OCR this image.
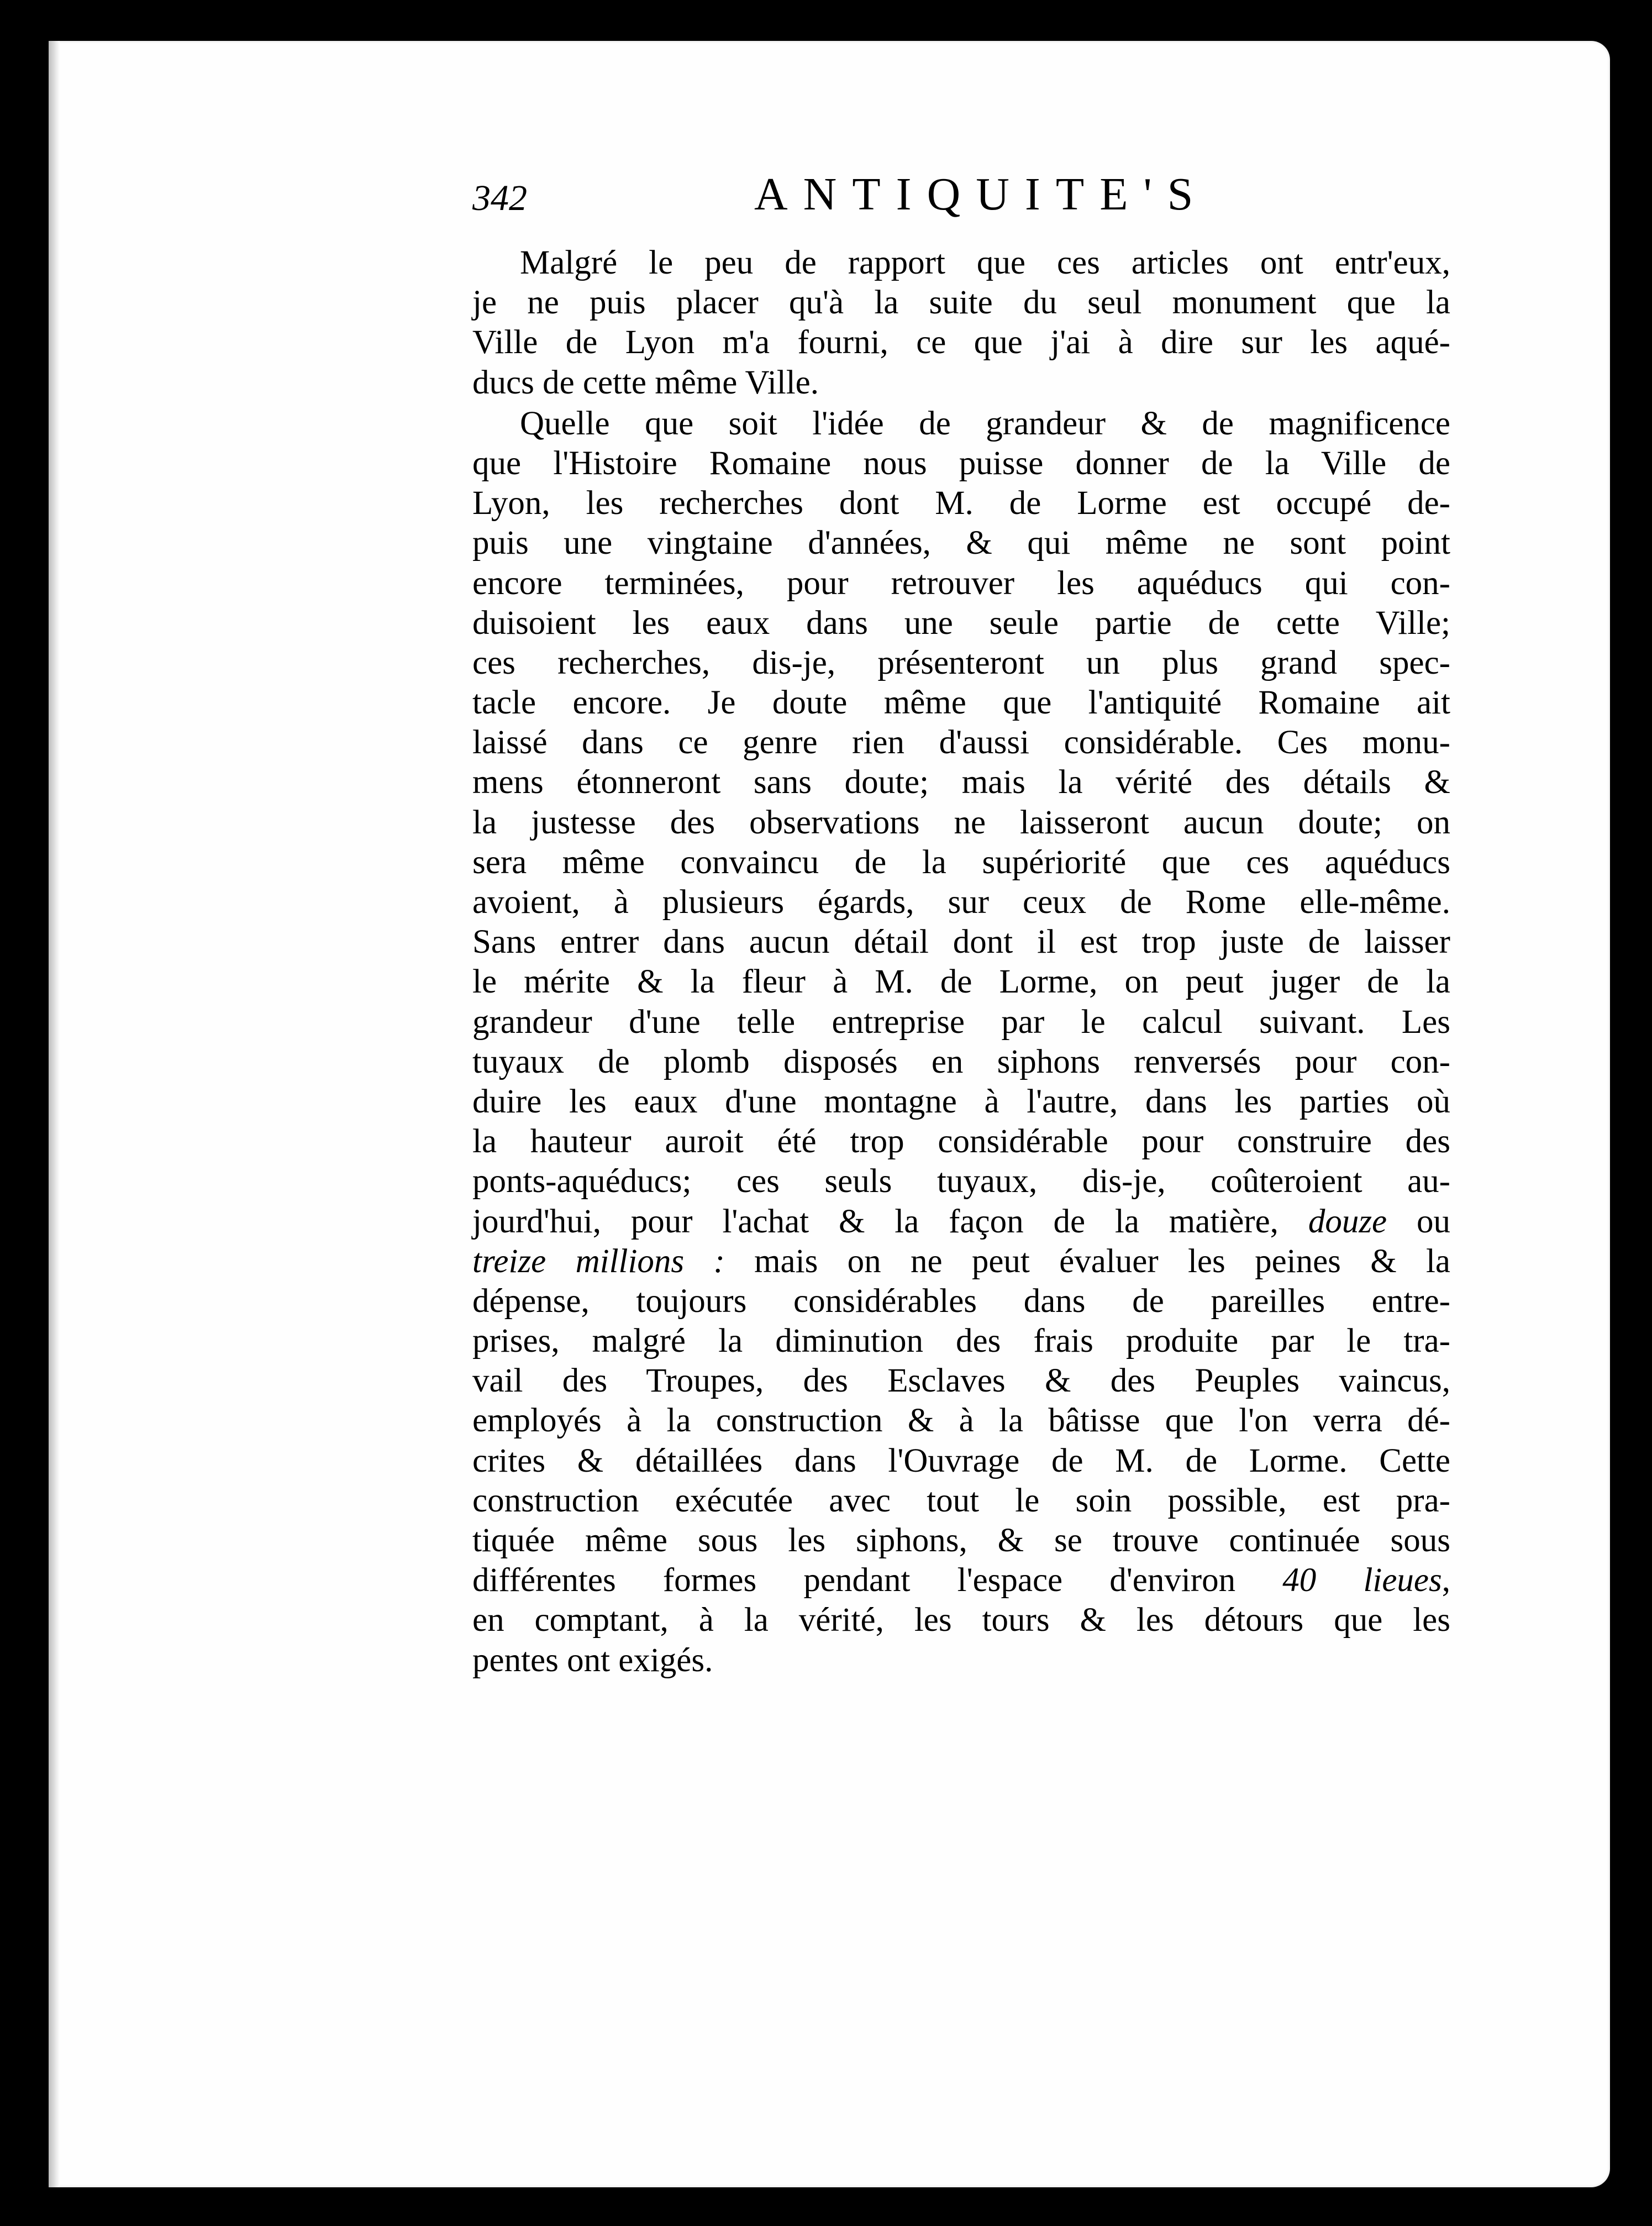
342	ANTIQUITE'S
Malgré le peu de rapport que ces articles ont entr'eux,
je ne puis placer qu'à la suite du seul monument que la
Ville de Lyon m'a fourni, ce que j'ai à dire sur les aqué-
ducs de cette même Ville.
Quelle que soit l'idée de grandeur & de magnificence
que l'Histoire Romaine nous puisse donner de la Ville de
Lyon, les recherches dont M. de Lorme est occupé de-
puis une vingtaine d'années, & qui même ne sont point
encore terminées, pour retrouver les aquéducs qui con-
duisoient les eaux dans une seule partie de cette Ville;
ces recherches, dis-je, présenteront un plus grand spec-
tacle encore. Je doute même que l'antiquité Romaine ait
laissé dans ce genre rien d'aussi considérable. Ces monu-
mens étonneront sans doute; mais la vérité des détails &
la justesse des observations ne laisseront aucun doute; on
sera même convaincu de la supériorité que ces aquéducs
avoient, à plusieurs égards, sur ceux de Rome elle-même.
Sans entrer dans aucun détail dont il est trop juste de laisser
le mérite & la fleur à M. de Lorme, on peut juger de la
grandeur d'une telle entreprise par le calcul suivant. Les
tuyaux de plomb disposés en siphons renversés pour con-
duire les eaux d'une montagne à l'autre, dans les parties où
la hauteur auroit été trop considérable pour construire des
ponts-aquéducs; ces seuls tuyaux, dis-je, coûteroient au-
jourd'hui, pour l'achat & la façon de la matière, douze ou
treize millions : mais on ne peut évaluer les peines & la
dépense, toujours considérables dans de pareilles entre-
prises, malgré la diminution des frais produite par le tra-
vail des Troupes, des Esclaves & des Peuples vaincus,
employés à la construction & à la bâtisse que l'on verra dé-
crites & détaillées dans l'Ouvrage de M. de Lorme. Cette
construction exécutée avec tout le soin possible, est pra-
tiquée même sous les siphons, & se trouve continuée sous
différentes formes pendant l'espace d'environ 40 lieues,
en comptant, à la vérité, les tours & les détours que les
pentes ont exigés.
